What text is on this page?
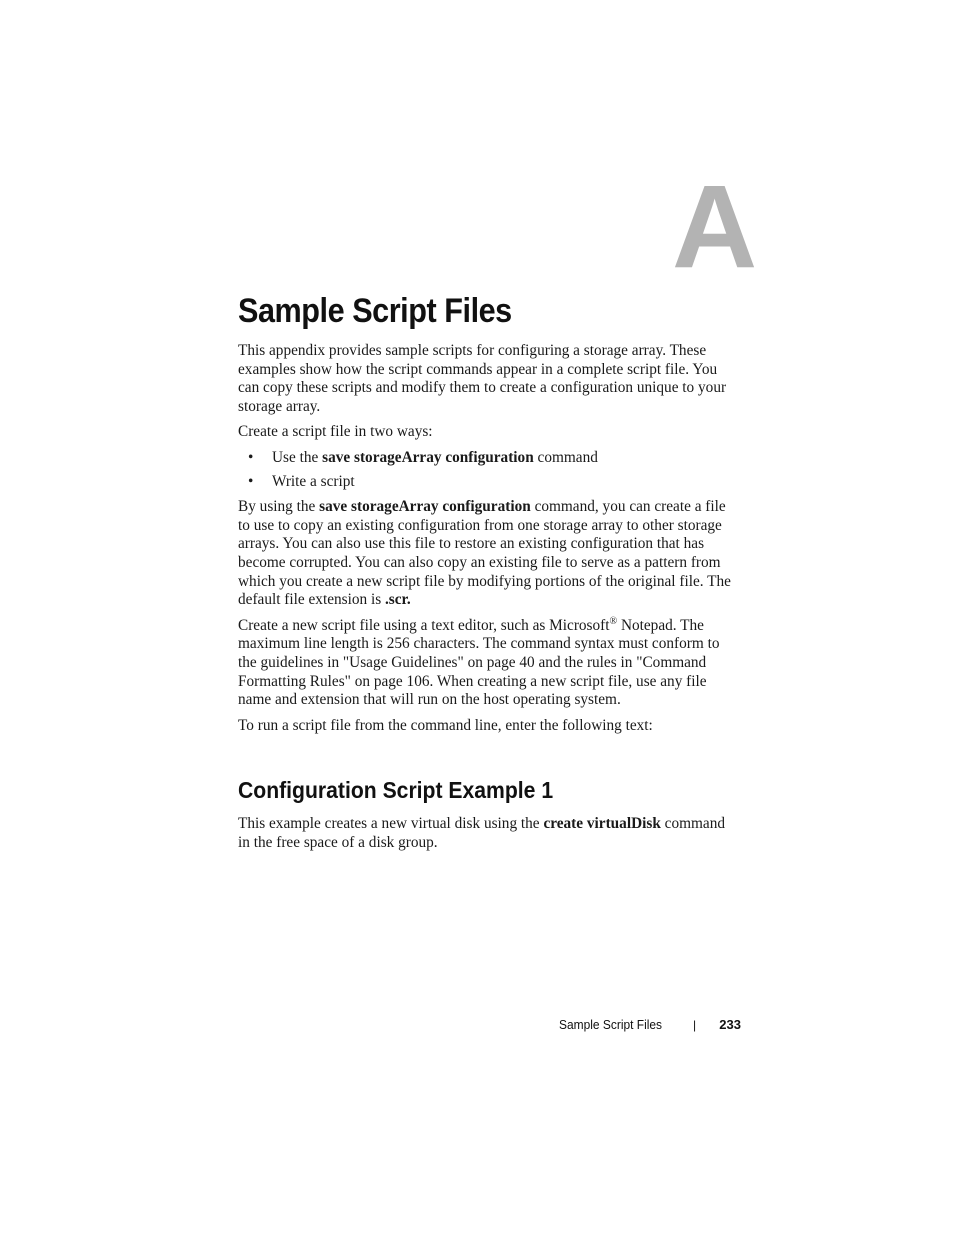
A
Sample Script Files

This appendix provides sample scripts for configuring a storage array. These examples show how the script commands appear in a complete script file. You can copy these scripts and modify them to create a configuration unique to your storage array.

Create a script file in two ways:

• Use the save storageArray configuration command
• Write a script

By using the save storageArray configuration command, you can create a file to use to copy an existing configuration from one storage array to other storage arrays. You can also use this file to restore an existing configuration that has become corrupted. You can also copy an existing file to serve as a pattern from which you create a new script file by modifying portions of the original file. The default file extension is .scr.

Create a new script file using a text editor, such as Microsoft® Notepad. The maximum line length is 256 characters. The command syntax must conform to the guidelines in "Usage Guidelines" on page 40 and the rules in "Command Formatting Rules" on page 106. When creating a new script file, use any file name and extension that will run on the host operating system.

To run a script file from the command line, enter the following text:

Configuration Script Example 1

This example creates a new virtual disk using the create virtualDisk command in the free space of a disk group.

Sample Script Files	| 233
